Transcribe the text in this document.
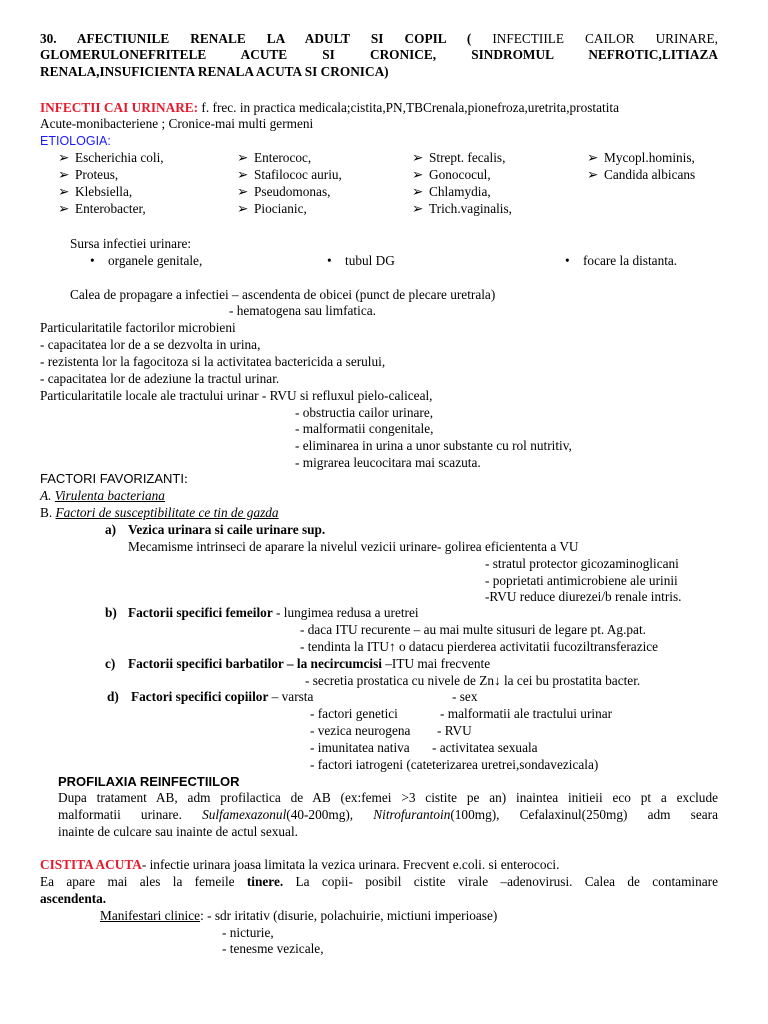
30. AFECTIUNILE RENALE LA ADULT SI COPIL ( INFECTIILE CAILOR URINARE,
GLOMERULONEFRITELE ACUTE SI CRONICE, SINDROMUL NEFROTIC,LITIAZA
RENALA,INSUFICIENTA RENALA ACUTA SI CRONICA)
INFECTII CAI URINARE: f. frec. in practica medicala;cistita,PN,TBCrenala,pionefroza,uretrita,prostatita
Acute-monibacteriene ; Cronice-mai multi germeni
ETIOLOGIA:
➢ Escherichia coli,	➢ Enterococ,	➢ Strept. fecalis,	➢ Mycopl.hominis,
➢ Proteus,	➢ Stafilococ auriu,	➢ Gonococul,	➢ Candida albicans
➢ Klebsiella,	➢ Pseudomonas,	➢ Chlamydia,
➢ Enterobacter,	➢ Piocianic,	➢ Trich.vaginalis,
Sursa infectiei urinare:
• organele genitale,	• tubul DG	• focare la distanta.
Calea de propagare a infectiei – ascendenta de obicei (punct de plecare uretrala)
- hematogena sau limfatica.
Particularitatile factorilor microbieni
- capacitatea lor de a se dezvolta in urina,
- rezistenta lor la fagocitoza si la activitatea bactericida a serului,
- capacitatea lor de adeziune la tractul urinar.
Particularitatile locale ale tractului urinar - RVU si refluxul pielo-caliceal,
- obstructia cailor urinare,
- malformatii congenitale,
- eliminarea in urina a unor substante cu rol nutritiv,
- migrarea leucocitara mai scazuta.
FACTORI FAVORIZANTI:
A. Virulenta bacteriana
B. Factori de susceptibilitate ce tin de gazda
a) Vezica urinara si caile urinare sup.
Mecamisme intrinseci de aparare la nivelul vezicii urinare- golirea eficiententa a VU
- stratul protector gicozaminoglicani
- poprietati antimicrobiene ale urinii
-RVU reduce diurezei/b renale intris.
b) Factorii specifici femeilor - lungimea redusa a uretrei
- daca ITU recurente – au mai multe situsuri de legare pt. Ag.pat.
- tendinta la ITU↑ o datacu pierderea activitatii fucoziltransferazice
c) Factorii specifici barbatilor – la necircumcisi –ITU mai frecvente
- secretia prostatica cu nivele de Zn↓ la cei bu prostatita bacter.
d) Factori specifici copiilor – varsta	- sex
- factori genetici	- malformatii ale tractului urinar
- vezica neurogena - RVU
- imunitatea nativa - activitatea sexuala
- factori iatrogeni (cateterizarea uretrei,sondavezicala)
PROFILAXIA REINFECTIILOR
Dupa tratament AB, adm profilactica de AB (ex:femei >3 cistite pe an) inaintea initieii eco pt a exclude
malformatii urinare. Sulfamexazonul(40-200mg), Nitrofurantoin(100mg), Cefalaxinul(250mg) adm seara
inainte de culcare sau inainte de actul sexual.
CISTITA ACUTA- infectie urinara joasa limitata la vezica urinara. Frecvent e.coli. si enterococi.
Ea apare mai ales la femeile tinere. La copii- posibil cistite virale –adenovirusi. Calea de contaminare
ascendenta.
Manifestari clinice: - sdr iritativ (disurie, polachuirie, mictiuni imperioase)
- nicturie,
- tenesme vezicale,
